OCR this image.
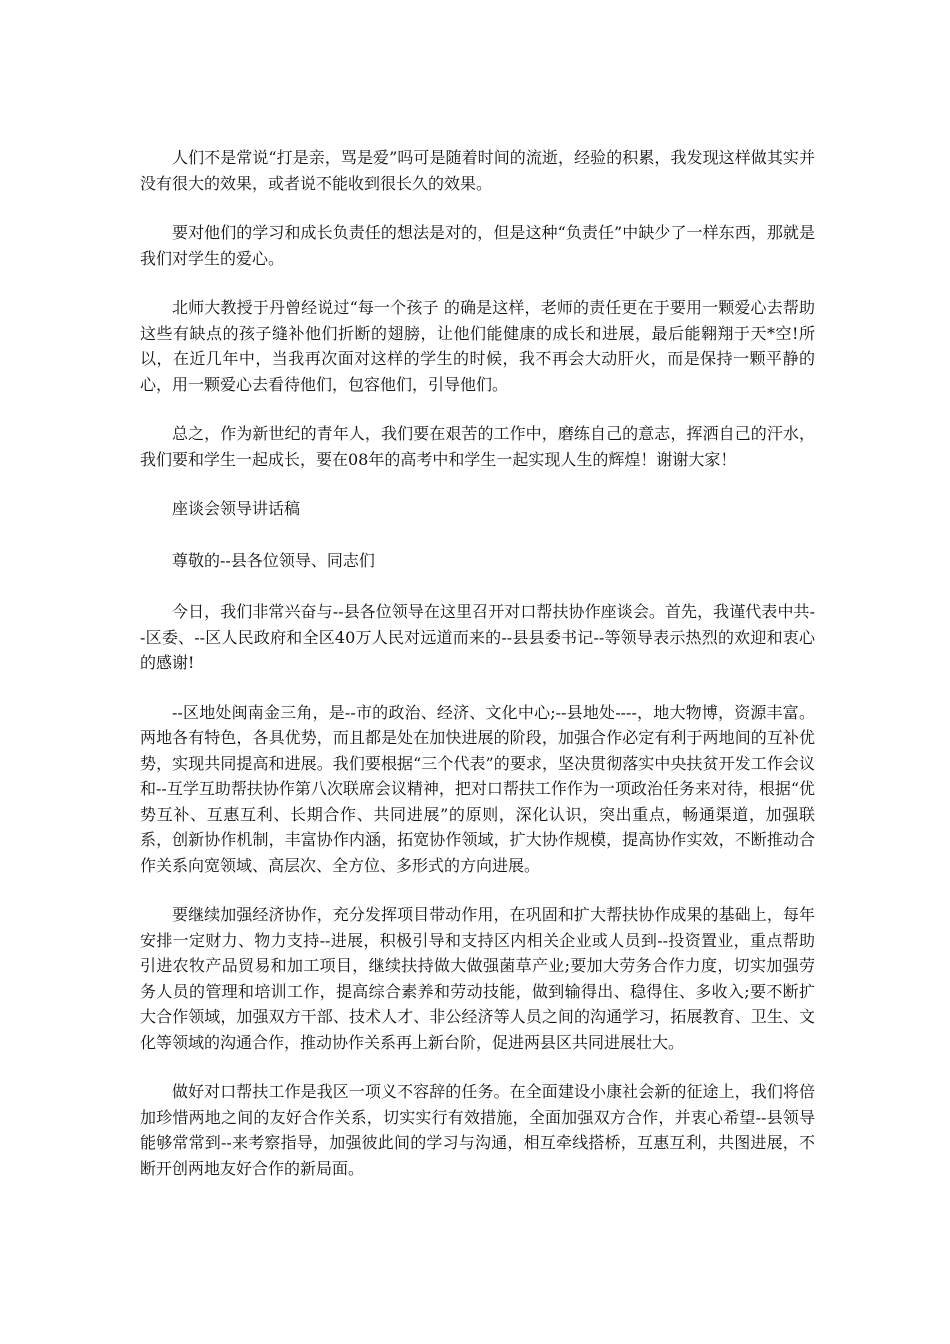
人们不是常说“打是亲，骂是爱”吗可是随着时间的流逝，经验的积累，我发现这样做其实并没有很大的效果，或者说不能收到很长久的效果。

要对他们的学习和成长负责任的想法是对的，但是这种“负责任”中缺少了一样东西，那就是我们对学生的爱心。

北师大教授于丹曾经说过“每一个孩子 的确是这样，老师的责任更在于要用一颗爱心去帮助这些有缺点的孩子缝补他们折断的翅膀，让他们能健康的成长和进展，最后能翱翔于天*空!所以，在近几年中，当我再次面对这样的学生的时候，我不再会大动肝火，而是保持一颗平静的心，用一颗爱心去看待他们，包容他们，引导他们。

总之，作为新世纪的青年人，我们要在艰苦的工作中，磨练自己的意志，挥洒自己的汗水，我们要和学生一起成长，要在08年的高考中和学生一起实现人生的辉煌！谢谢大家！

座谈会领导讲话稿

尊敬的--县各位领导、同志们

今日，我们非常兴奋与--县各位领导在这里召开对口帮扶协作座谈会。首先，我谨代表中共--区委、--区人民政府和全区40万人民对远道而来的--县县委书记--等领导表示热烈的欢迎和衷心的感谢!

--区地处闽南金三角，是--市的政治、经济、文化中心;--县地处----，地大物博，资源丰富。两地各有特色，各具优势，而且都是处在加快进展的阶段，加强合作必定有利于两地间的互补优势，实现共同提高和进展。我们要根据“三个代表”的要求，坚决贯彻落实中央扶贫开发工作会议和--互学互助帮扶协作第八次联席会议精神，把对口帮扶工作作为一项政治任务来对待，根据“优势互补、互惠互利、长期合作、共同进展”的原则，深化认识，突出重点，畅通渠道，加强联系，创新协作机制，丰富协作内涵，拓宽协作领域，扩大协作规模，提高协作实效，不断推动合作关系向宽领域、高层次、全方位、多形式的方向进展。

要继续加强经济协作，充分发挥项目带动作用，在巩固和扩大帮扶协作成果的基础上，每年安排一定财力、物力支持--进展，积极引导和支持区内相关企业或人员到--投资置业，重点帮助引进农牧产品贸易和加工项目，继续扶持做大做强菌草产业;要加大劳务合作力度，切实加强劳务人员的管理和培训工作，提高综合素养和劳动技能，做到输得出、稳得住、多收入;要不断扩大合作领域，加强双方干部、技术人才、非公经济等人员之间的沟通学习，拓展教育、卫生、文化等领域的沟通合作，推动协作关系再上新台阶，促进两县区共同进展壮大。

做好对口帮扶工作是我区一项义不容辞的任务。在全面建设小康社会新的征途上，我们将倍加珍惜两地之间的友好合作关系，切实实行有效措施，全面加强双方合作，并衷心希望--县领导能够常常到--来考察指导，加强彼此间的学习与沟通，相互牵线搭桥，互惠互利，共图进展，不断开创两地友好合作的新局面。
